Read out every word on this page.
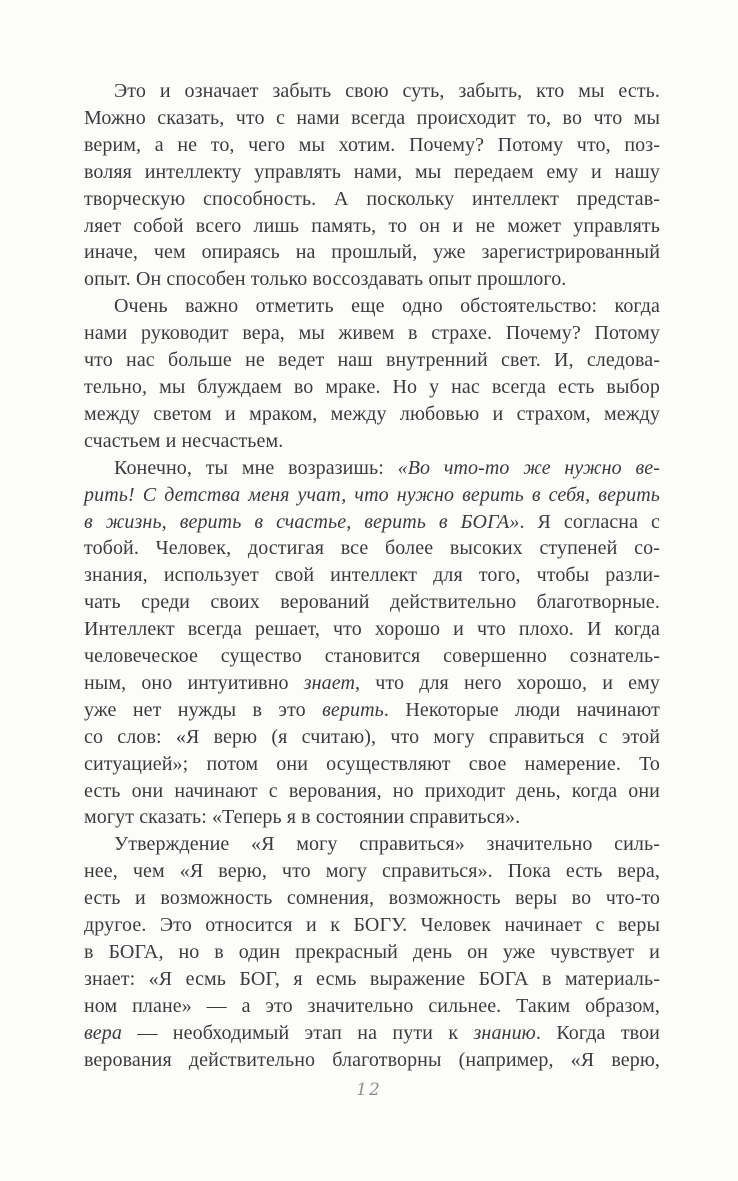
Это и означает забыть свою суть, забыть, кто мы есть.
Можно сказать, что с нами всегда происходит то, во что мы
верим, а не то, чего мы хотим. Почему? Потому что, поз-
воляя интеллекту управлять нами, мы передаем ему и нашу
творческую способность. А поскольку интеллект представ-
ляет собой всего лишь память, то он и не может управлять
иначе, чем опираясь на прошлый, уже зарегистрированный
опыт. Он способен только воссоздавать опыт прошлого.
Очень важно отметить еще одно обстоятельство: когда
нами руководит вера, мы живем в страхе. Почему? Потому
что нас больше не ведет наш внутренний свет. И, следова-
тельно, мы блуждаем во мраке. Но у нас всегда есть выбор
между светом и мраком, между любовью и страхом, между
счастьем и несчастьем.
Конечно, ты мне возразишь: «Во что-то же нужно ве-
рить! С детства меня учат, что нужно верить в себя, верить
в жизнь, верить в счастье, верить в БОГА». Я согласна с
тобой. Человек, достигая все более высоких ступеней со-
знания, использует свой интеллект для того, чтобы разли-
чать среди своих верований действительно благотворные.
Интеллект всегда решает, что хорошо и что плохо. И когда
человеческое существо становится совершенно сознатель-
ным, оно интуитивно знает, что для него хорошо, и ему
уже нет нужды в это верить. Некоторые люди начинают
со слов: «Я верю (я считаю), что могу справиться с этой
ситуацией»; потом они осуществляют свое намерение. То
есть они начинают с верования, но приходит день, когда они
могут сказать: «Теперь я в состоянии справиться».
Утверждение «Я могу справиться» значительно силь-
нее, чем «Я верю, что могу справиться». Пока есть вера,
есть и возможность сомнения, возможность веры во что-то
другое. Это относится и к БОГУ. Человек начинает с веры
в БОГА, но в один прекрасный день он уже чувствует и
знает: «Я есмь БОГ, я есмь выражение БОГА в материаль-
ном плане» — а это значительно сильнее. Таким образом,
вера — необходимый этап на пути к знанию. Когда твои
верования действительно благотворны (например, «Я верю,
12
